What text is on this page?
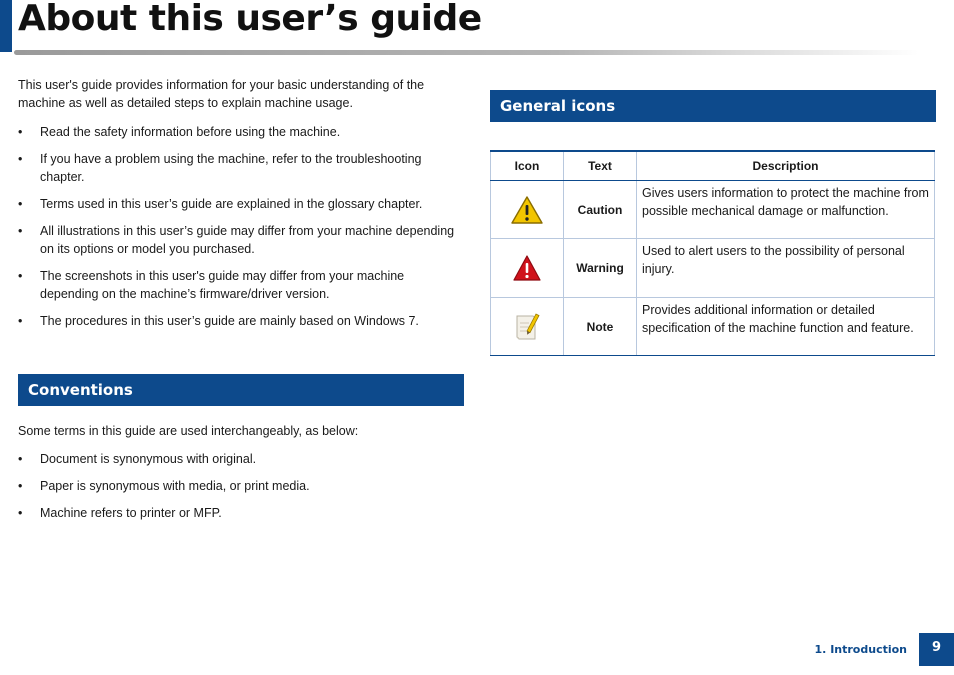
About this user’s guide

This user's guide provides information for your basic understanding of the machine as well as detailed steps to explain machine usage.

• Read the safety information before using the machine.
• If you have a problem using the machine, refer to the troubleshooting chapter.
• Terms used in this user’s guide are explained in the glossary chapter.
• All illustrations in this user’s guide may differ from your machine depending on its options or model you purchased.
• The screenshots in this user's guide may differ from your machine depending on the machine’s firmware/driver version.
• The procedures in this user’s guide are mainly based on Windows 7.
Conventions

Some terms in this guide are used interchangeably, as below:

• Document is synonymous with original.
• Paper is synonymous with media, or print media.
• Machine refers to printer or MFP.
General icons
Icon	Text	Description

	Caution	Gives users information to protect the machine from possible mechanical damage or malfunction.

	Warning	Used to alert users to the possibility of personal injury.

	Note	Provides additional information or detailed specification of the machine function and feature.
1. Introduction	9
